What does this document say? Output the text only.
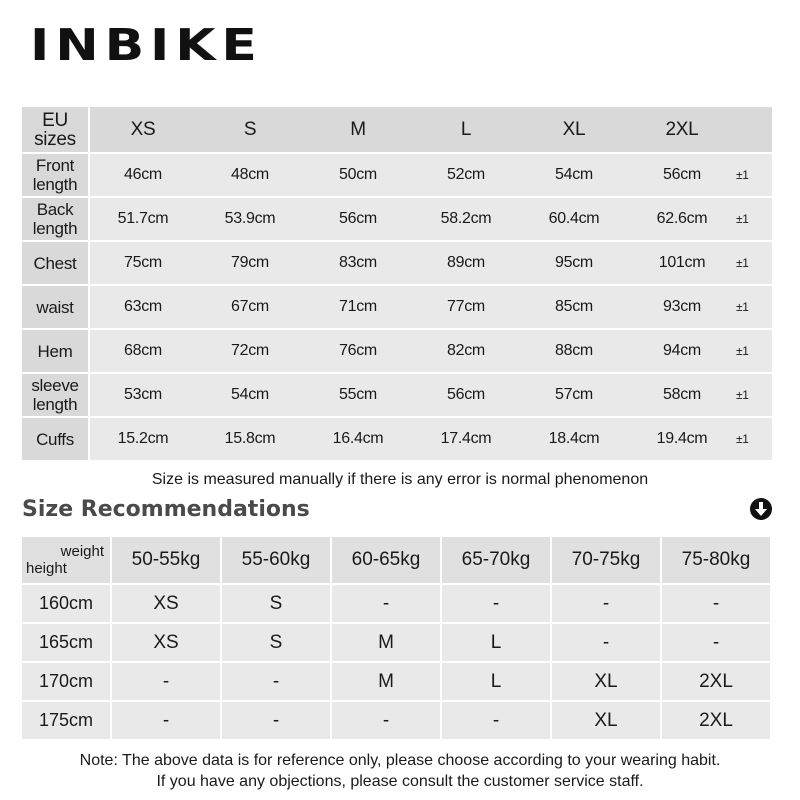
INBIKE
EU sizes	XS	S	M	L	XL	2XL	
Front length	46cm	48cm	50cm	52cm	54cm	56cm	±1
Back length	51.7cm	53.9cm	56cm	58.2cm	60.4cm	62.6cm	±1
Chest	75cm	79cm	83cm	89cm	95cm	101cm	±1
waist	63cm	67cm	71cm	77cm	85cm	93cm	±1
Hem	68cm	72cm	76cm	82cm	88cm	94cm	±1
sleeve length	53cm	54cm	55cm	56cm	57cm	58cm	±1
Cuffs	15.2cm	15.8cm	16.4cm	17.4cm	18.4cm	19.4cm	±1
Size is measured manually if there is any error is normal phenomenon
Size Recommendations
weight
height	50-55kg	55-60kg	60-65kg	65-70kg	70-75kg	75-80kg
160cm	XS	S	-	-	-	-
165cm	XS	S	M	L	-	-
170cm	-	-	M	L	XL	2XL
175cm	-	-	-	-	XL	2XL
Note: The above data is for reference only, please choose according to your wearing habit.
If you have any objections, please consult the customer service staff.
